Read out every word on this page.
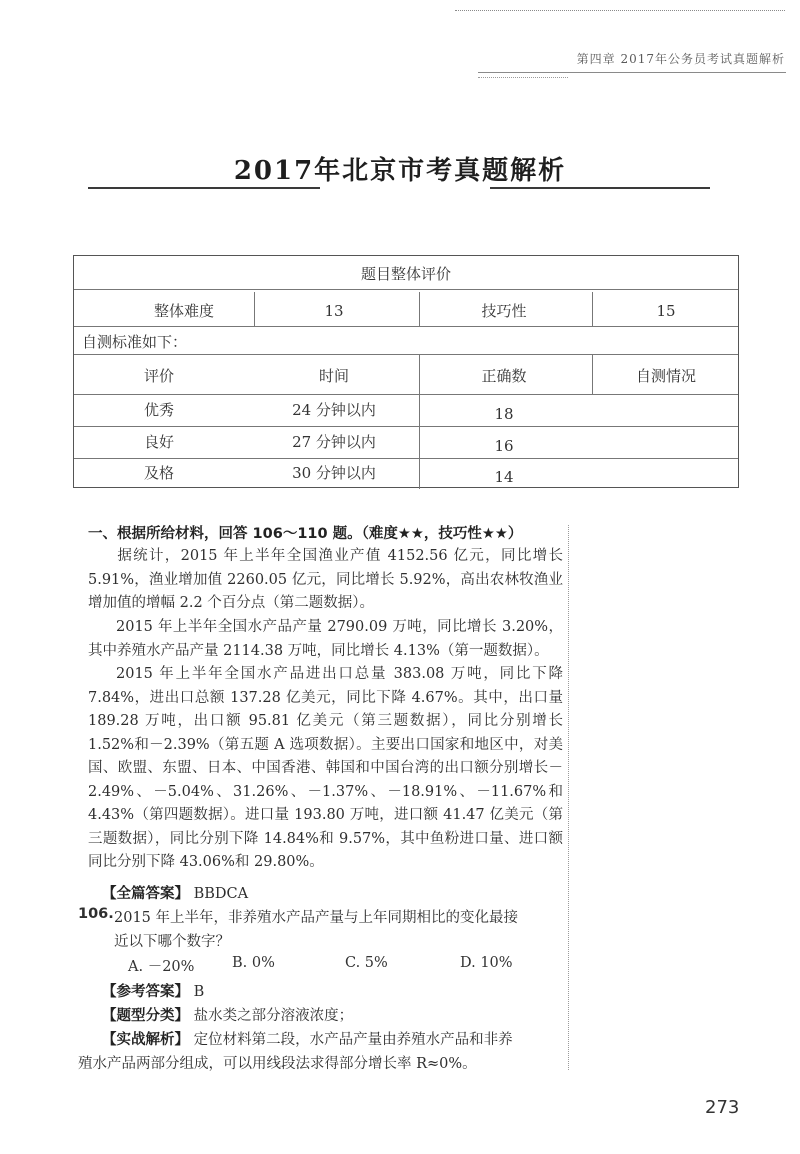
第四章 2017年公务员考试真题解析
2017年北京市考真题解析
题目整体评价
整体难度	13	技巧性	15
自测标准如下：
评价	时间	正确数	自测情况
优秀	24 分钟以内	18
良好	27 分钟以内	16
及格	30 分钟以内	14
一、根据所给材料，回答 106～110 题。（难度★★，技巧性★★）
据统计，2015 年上半年全国渔业产值 4152.56 亿元，同比增长 5.91%，渔业增加值 2260.05 亿元，同比增长 5.92%，高出农林牧渔业增加值的增幅 2.2 个百分点（第二题数据）。
2015 年上半年全国水产品产量 2790.09 万吨，同比增长 3.20%，其中养殖水产品产量 2114.38 万吨，同比增长 4.13%（第一题数据）。
2015 年上半年全国水产品进出口总量 383.08 万吨，同比下降 7.84%，进出口总额 137.28 亿美元，同比下降 4.67%。其中，出口量 189.28 万吨，出口额 95.81 亿美元（第三题数据），同比分别增长 1.52%和－2.39%（第五题 A 选项数据）。主要出口国家和地区中，对美国、欧盟、东盟、日本、中国香港、韩国和中国台湾的出口额分别增长－2.49%、－5.04%、31.26%、－1.37%、－18.91%、－11.67%和 4.43%（第四题数据）。进口量 193.80 万吨，进口额 41.47 亿美元（第三题数据），同比分别下降 14.84%和 9.57%，其中鱼粉进口量、进口额同比分别下降 43.06%和 29.80%。
【全篇答案】 BBDCA
106. 2015 年上半年，非养殖水产品产量与上年同期相比的变化最接
近以下哪个数字？
A. －20%	B. 0%	C. 5%	D. 10%
【参考答案】 B
【题型分类】 盐水类之部分溶液浓度；
【实战解析】 定位材料第二段，水产品产量由养殖水产品和非养
殖水产品两部分组成，可以用线段法求得部分增长率 R≈0%。
273
